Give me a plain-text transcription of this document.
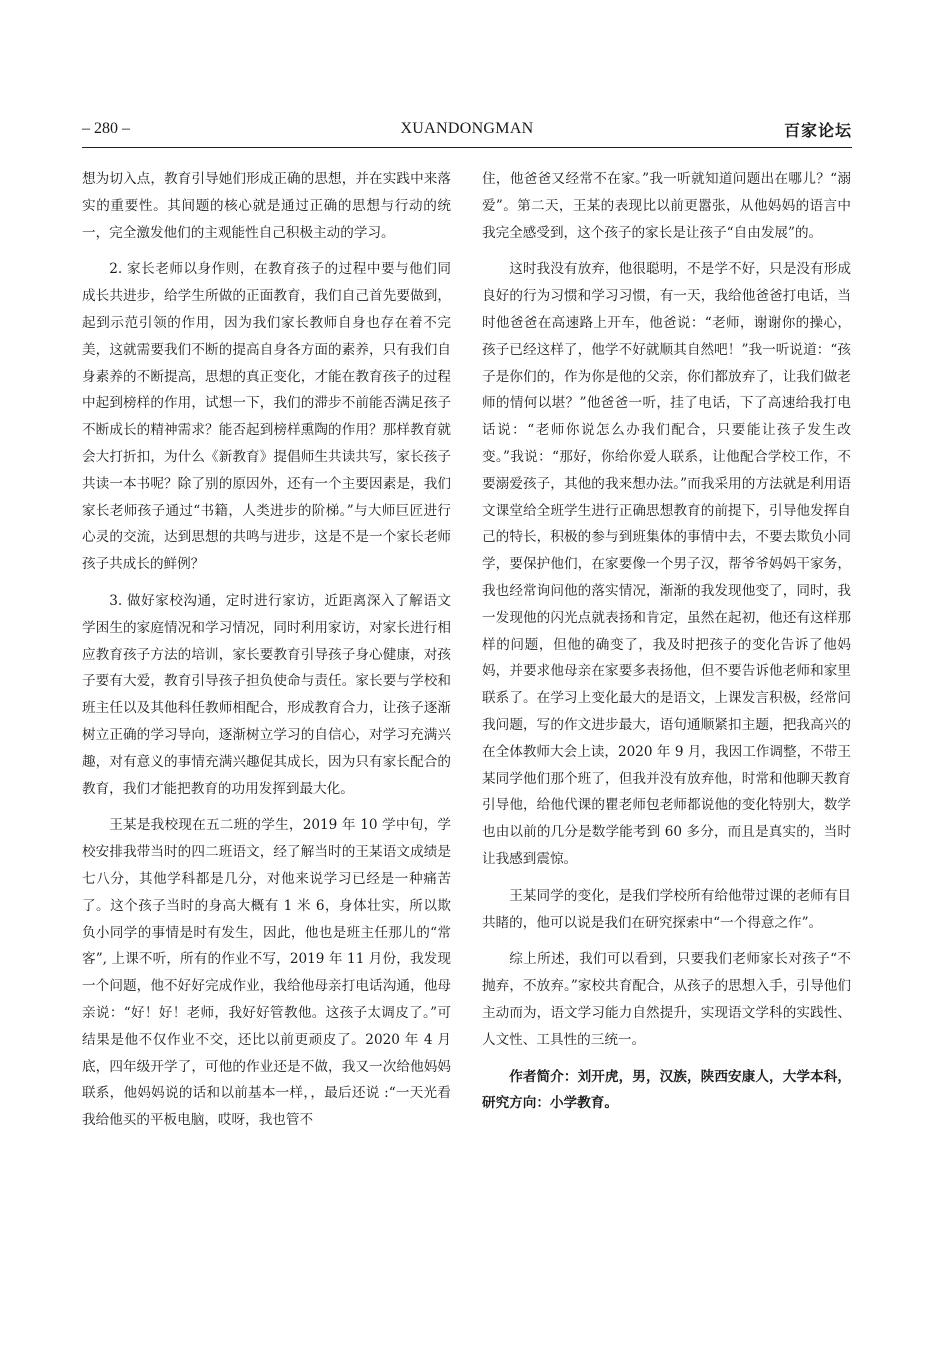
– 280 –	XUANDONGMAN	百家论坛

想为切入点，教育引导她们形成正确的思想，并在实践中来落实的重要性。其间题的核心就是通过正确的思想与行动的统一，完全激发他们的主观能性自己积极主动的学习。

2. 家长老师以身作则，在教育孩子的过程中要与他们同成长共进步，给学生所做的正面教育，我们自己首先要做到，起到示范引领的作用，因为我们家长教师自身也存在着不完美，这就需要我们不断的提高自身各方面的素养，只有我们自身素养的不断提高，思想的真正变化，才能在教育孩子的过程中起到榜样的作用，试想一下，我们的滞步不前能否满足孩子不断成长的精神需求？能否起到榜样熏陶的作用？那样教育就会大打折扣，为什么《新教育》提倡师生共读共写，家长孩子共读一本书呢？除了别的原因外，还有一个主要因素是，我们家长老师孩子通过“书籍，人类进步的阶梯。”与大师巨匠进行心灵的交流，达到思想的共鸣与进步，这是不是一个家长老师孩子共成长的鲜例？

3. 做好家校沟通，定时进行家访，近距离深入了解语文学困生的家庭情况和学习情况，同时利用家访，对家长进行相应教育孩子方法的培训，家长要教育引导孩子身心健康，对孩子要有大爱，教育引导孩子担负使命与责任。家长要与学校和班主任以及其他科任教师相配合，形成教育合力，让孩子逐渐树立正确的学习导向，逐渐树立学习的自信心，对学习充满兴趣，对有意义的事情充满兴趣促其成长，因为只有家长配合的教育，我们才能把教育的功用发挥到最大化。

王某是我校现在五二班的学生，2019 年 10 学中旬，学校安排我带当时的四二班语文，经了解当时的王某语文成绩是七八分，其他学科都是几分，对他来说学习已经是一种痛苦了。这个孩子当时的身高大概有 1 米 6，身体壮实，所以欺负小同学的事情是时有发生，因此，他也是班主任那儿的“常客”, 上课不听，所有的作业不写，2019 年 11 月份，我发现一个问题，他不好好完成作业，我给他母亲打电话沟通，他母亲说：“好！好！老师，我好好管教他。这孩子太调皮了。”可结果是他不仅作业不交，还比以前更顽皮了。2020 年 4 月底，四年级开学了，可他的作业还是不做，我又一次给他妈妈联系，他妈妈说的话和以前基本一样，，最后还说 :“一天光看我给他买的平板电脑，哎呀，我也管不

住，他爸爸又经常不在家。”我一听就知道问题出在哪儿？“溺爱”。第二天，王某的表现比以前更嚣张，从他妈妈的语言中我完全感受到，这个孩子的家长是让孩子“自由发展”的。

这时我没有放弃，他很聪明，不是学不好，只是没有形成良好的行为习惯和学习习惯，有一天，我给他爸爸打电话，当时他爸爸在高速路上开车，他爸说：“老师，谢谢你的操心，孩子已经这样了，他学不好就顺其自然吧！”我一听说道：“孩子是你们的，作为你是他的父亲，你们都放弃了，让我们做老师的情何以堪？”他爸爸一听，挂了电话，下了高速给我打电话说：“老师你说怎么办我们配合，只要能让孩子发生改变。”我说：“那好，你给你爱人联系，让他配合学校工作，不要溺爱孩子，其他的我来想办法。”而我采用的方法就是利用语文课堂给全班学生进行正确思想教育的前提下，引导他发挥自己的特长，积极的参与到班集体的事情中去，不要去欺负小同学，要保护他们，在家要像一个男子汉，帮爷爷妈妈干家务，我也经常询问他的落实情况，渐渐的我发现他变了，同时，我一发现他的闪光点就表扬和肯定，虽然在起初，他还有这样那样的问题，但他的确变了，我及时把孩子的变化告诉了他妈妈，并要求他母亲在家要多表扬他，但不要告诉他老师和家里联系了。在学习上变化最大的是语文，上课发言积极，经常问我问题，写的作文进步最大，语句通顺紧扣主题，把我高兴的在全体教师大会上读，2020 年 9 月，我因工作调整，不带王某同学他们那个班了，但我并没有放弃他，时常和他聊天教育引导他，给他代课的瞿老师包老师都说他的变化特别大，数学也由以前的几分是数学能考到 60 多分，而且是真实的，当时让我感到震惊。

王某同学的变化，是我们学校所有给他带过课的老师有目共睹的，他可以说是我们在研究探索中“一个得意之作”。

综上所述，我们可以看到，只要我们老师家长对孩子“不抛弃，不放弃。”家校共育配合，从孩子的思想入手，引导他们主动而为，语文学习能力自然提升，实现语文学科的实践性、人文性、工具性的三统一。

作者简介：刘开虎，男，汉族，陕西安康人，大学本科，研究方向：小学教育。
